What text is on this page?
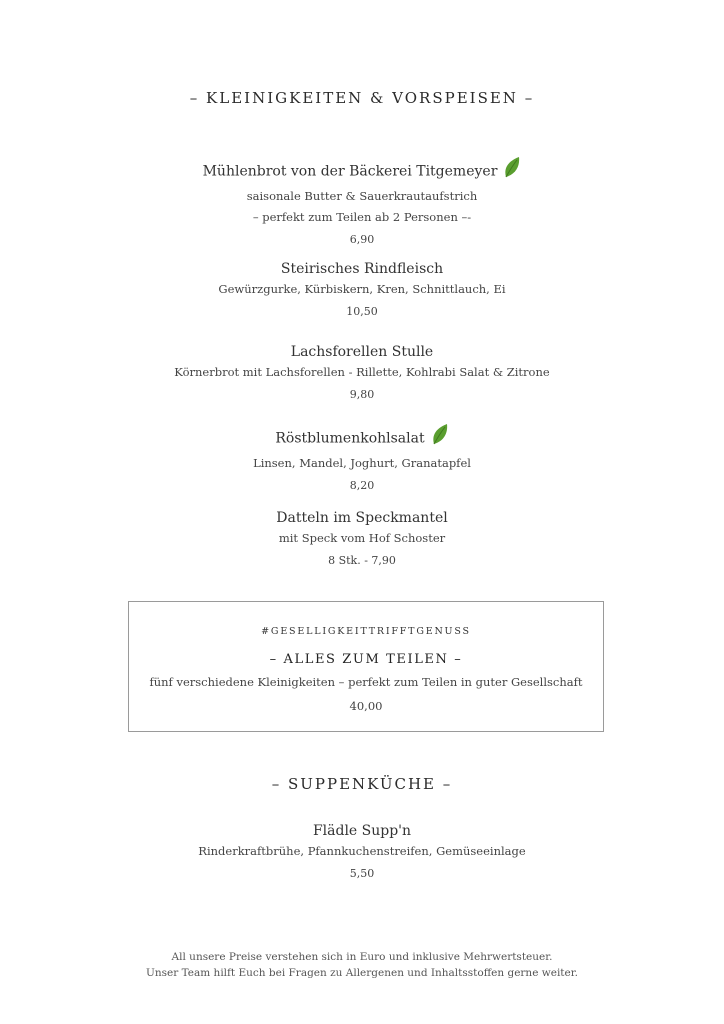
– KLEINIGKEITEN & VORSPEISEN –
Mühlenbrot von der Bäckerei Titgemeyer
saisonale Butter & Sauerkrautaufstrich
– perfekt zum Teilen ab 2 Personen –-
6,90
Steirisches Rindfleisch
Gewürzgurke, Kürbiskern, Kren, Schnittlauch, Ei
10,50
Lachsforellen Stulle
Körnerbrot mit Lachsforellen - Rillette, Kohlrabi Salat & Zitrone
9,80
Röstblumenkohlsalat
Linsen, Mandel, Joghurt, Granatapfel
8,20
Datteln im Speckmantel
mit Speck vom Hof Schoster
8 Stk. - 7,90
#GESELLIGKEITTRIFFTGENUSS
– ALLES ZUM TEILEN –
fünf verschiedene Kleinigkeiten – perfekt zum Teilen in guter Gesellschaft
40,00
– SUPPENKÜCHE –
Flädle Supp'n
Rinderkraftbrühe, Pfannkuchenstreifen, Gemüseeinlage
5,50
All unsere Preise verstehen sich in Euro und inklusive Mehrwertsteuer.
Unser Team hilft Euch bei Fragen zu Allergenen und Inhaltsstoffen gerne weiter.
